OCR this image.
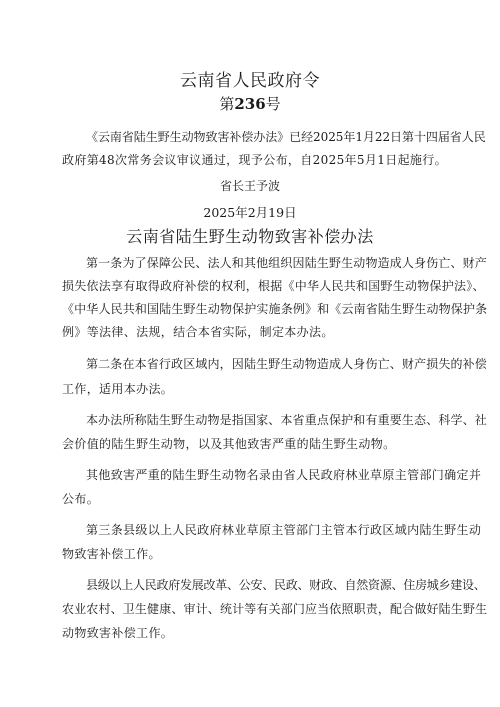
云南省人民政府令
第236号
《云南省陆生野生动物致害补偿办法》已经2025年1月22日第十四届省人民
政府第48次常务会议审议通过，现予公布，自2025年5月1日起施行。
省长王予波
2025年2月19日
云南省陆生野生动物致害补偿办法
第一条为了保障公民、法人和其他组织因陆生野生动物造成人身伤亡、财产
损失依法享有取得政府补偿的权利，根据《中华人民共和国野生动物保护法》、
《中华人民共和国陆生野生动物保护实施条例》和《云南省陆生野生动物保护条
例》等法律、法规，结合本省实际，制定本办法。
第二条在本省行政区域内，因陆生野生动物造成人身伤亡、财产损失的补偿
工作，适用本办法。
本办法所称陆生野生动物是指国家、本省重点保护和有重要生态、科学、社
会价值的陆生野生动物，以及其他致害严重的陆生野生动物。
其他致害严重的陆生野生动物名录由省人民政府林业草原主管部门确定并
公布。
第三条县级以上人民政府林业草原主管部门主管本行政区域内陆生野生动
物致害补偿工作。
县级以上人民政府发展改革、公安、民政、财政、自然资源、住房城乡建设、
农业农村、卫生健康、审计、统计等有关部门应当依照职责，配合做好陆生野生
动物致害补偿工作。
